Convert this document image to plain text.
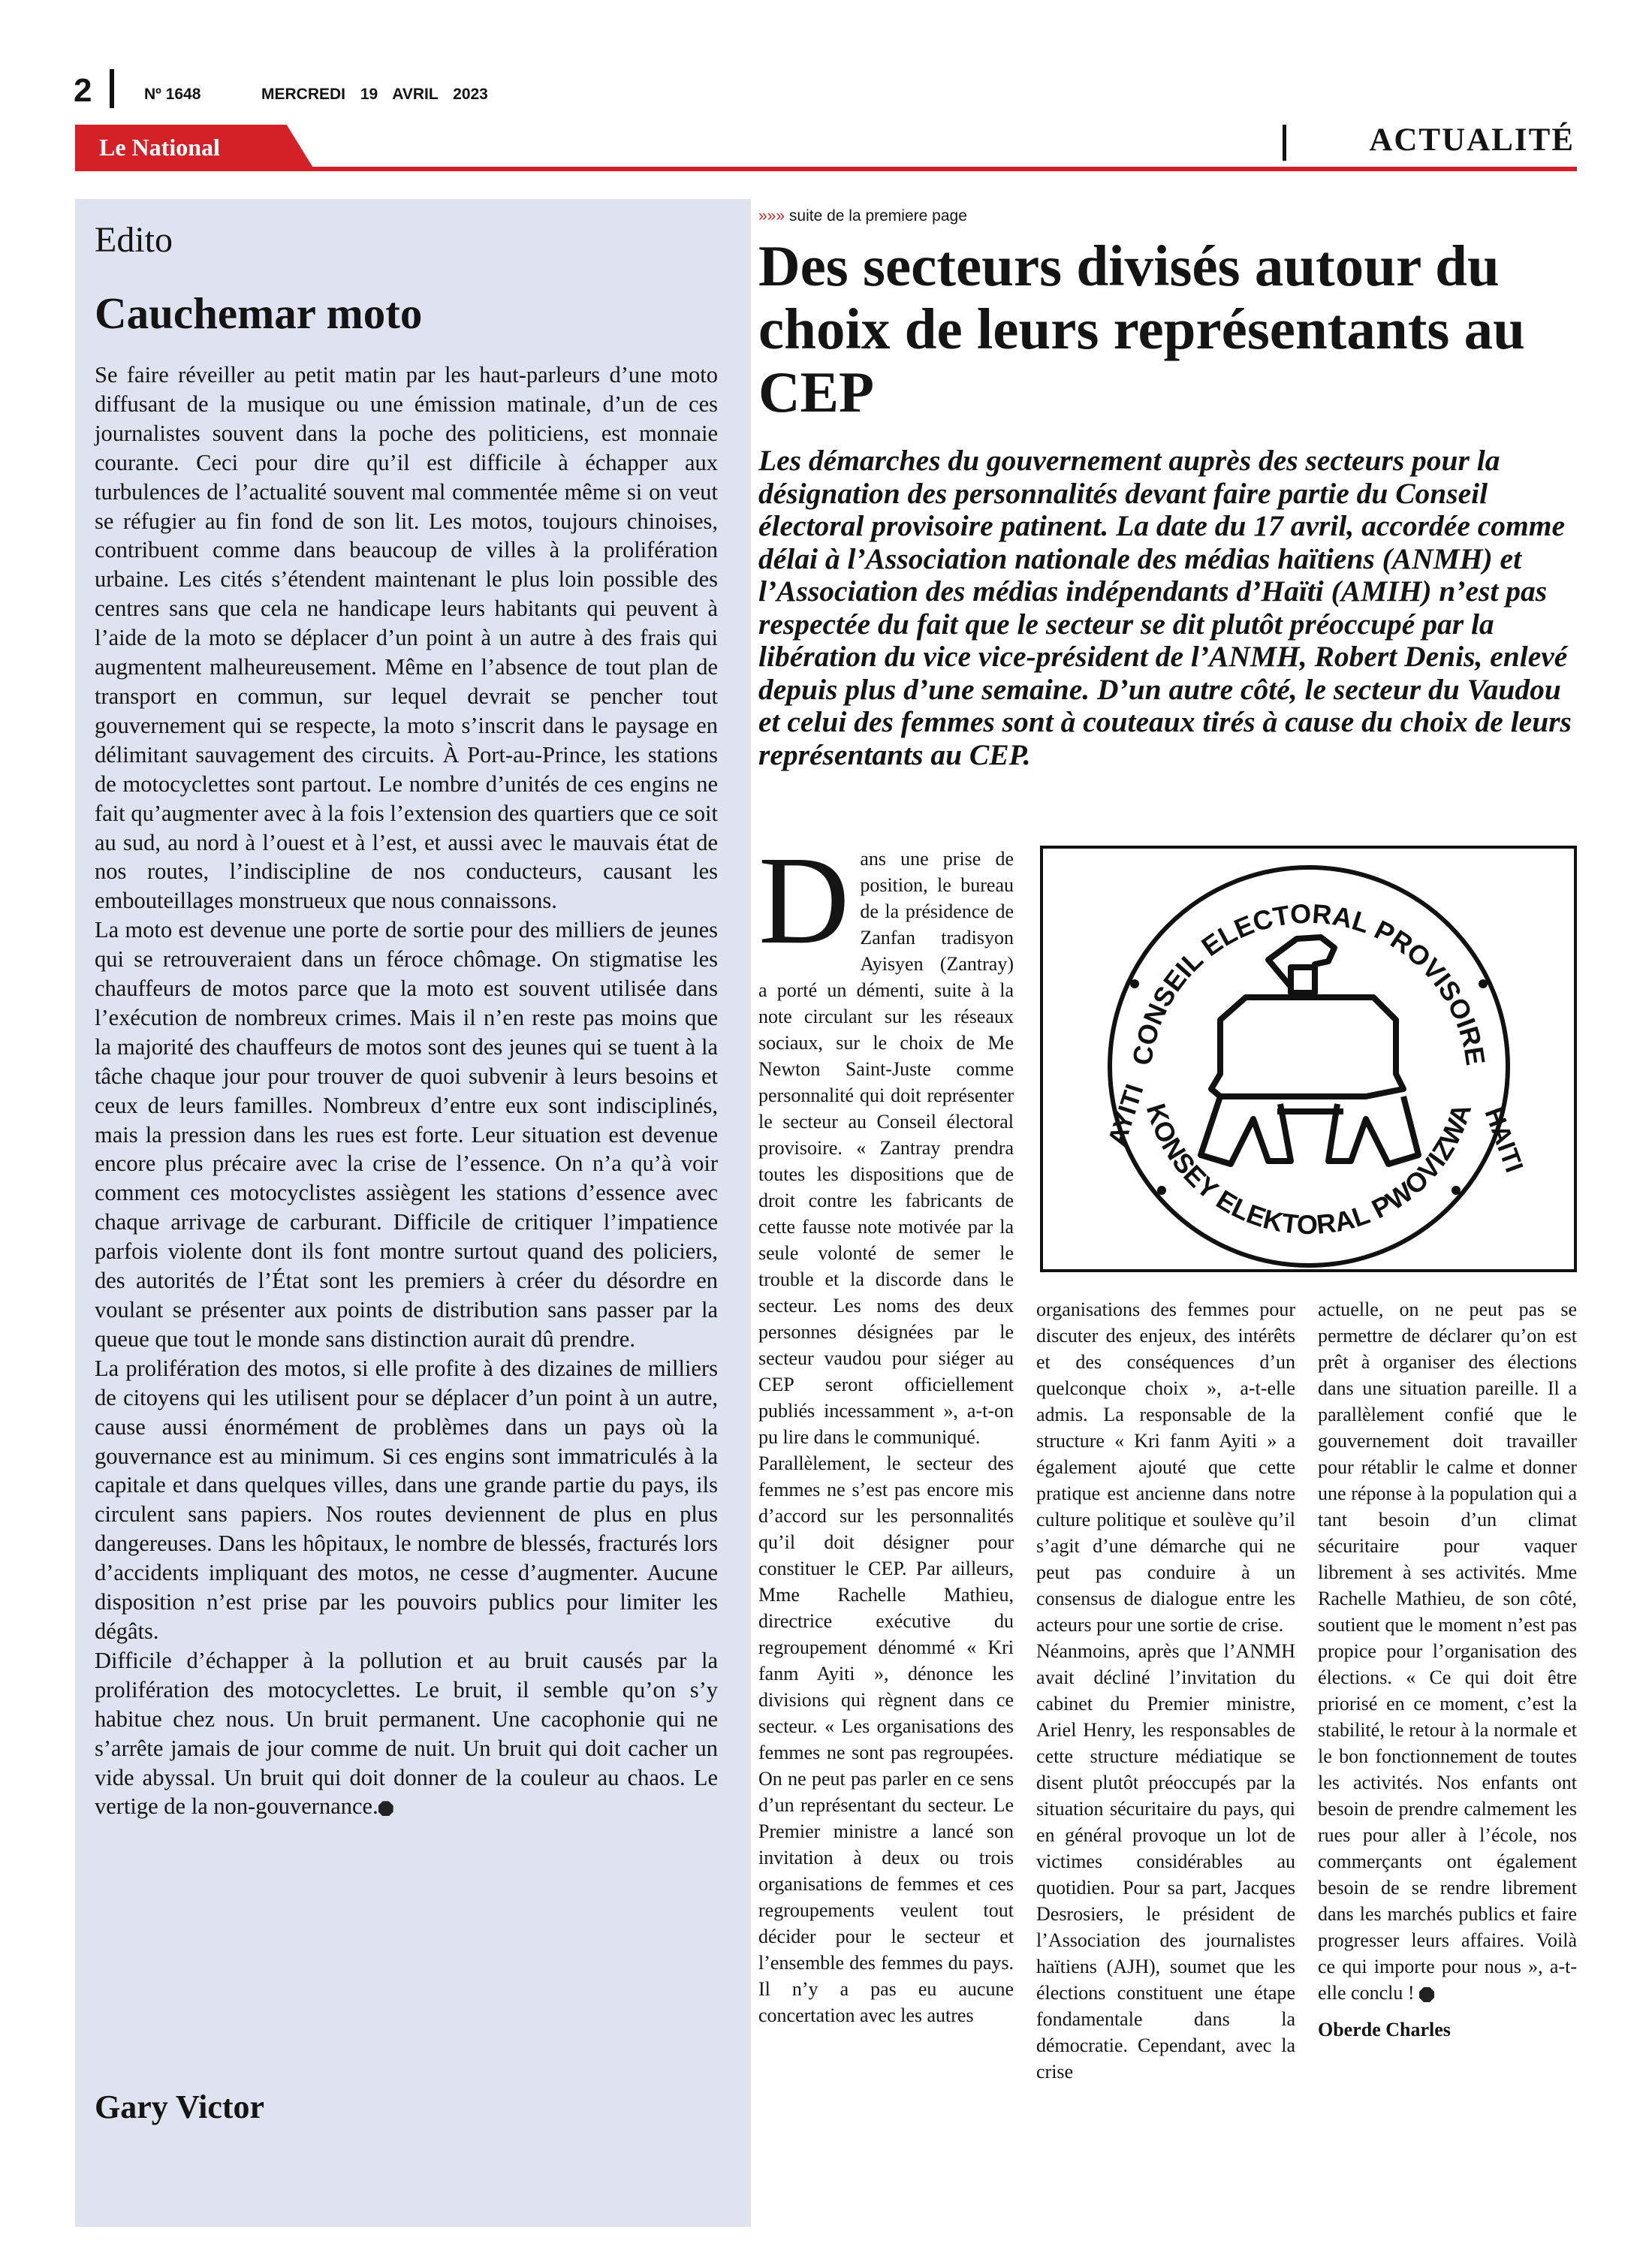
2	Nº 1648	MERCREDI 19 AVRIL 2023
Le National	ACTUALITÉ
Edito
Cauchemar moto

Se faire réveiller au petit matin par les haut-parleurs d’une moto diffusant de la musique ou une émission matinale, d’un de ces journalistes souvent dans la poche des politiciens, est monnaie courante. Ceci pour dire qu’il est difficile à échapper aux turbulences de l’actualité souvent mal commentée même si on veut se réfugier au fin fond de son lit. Les motos, toujours chinoises, contribuent comme dans beaucoup de villes à la prolifération urbaine. Les cités s’étendent maintenant le plus loin possible des centres sans que cela ne handicape leurs habitants qui peuvent à l’aide de la moto se déplacer d’un point à un autre à des frais qui augmentent malheureusement. Même en l’absence de tout plan de transport en commun, sur lequel devrait se pencher tout gouvernement qui se respecte, la moto s’inscrit dans le paysage en délimitant sauvagement des circuits. À Port-au-Prince, les stations de motocyclettes sont partout. Le nombre d’unités de ces engins ne fait qu’augmenter avec à la fois l’extension des quartiers que ce soit au sud, au nord à l’ouest et à l’est, et aussi avec le mauvais état de nos routes, l’indiscipline de nos conducteurs, causant les embouteillages monstrueux que nous connaissons.

La moto est devenue une porte de sortie pour des milliers de jeunes qui se retrouveraient dans un féroce chômage. On stigmatise les chauffeurs de motos parce que la moto est souvent utilisée dans l’exécution de nombreux crimes. Mais il n’en reste pas moins que la majorité des chauffeurs de motos sont des jeunes qui se tuent à la tâche chaque jour pour trouver de quoi subvenir à leurs besoins et ceux de leurs familles. Nombreux d’entre eux sont indisciplinés, mais la pression dans les rues est forte. Leur situation est devenue encore plus précaire avec la crise de l’essence. On n’a qu’à voir comment ces motocyclistes assiègent les stations d’essence avec chaque arrivage de carburant. Difficile de critiquer l’impatience parfois violente dont ils font montre surtout quand des policiers, des autorités de l’État sont les premiers à créer du désordre en voulant se présenter aux points de distribution sans passer par la queue que tout le monde sans distinction aurait dû prendre.

La prolifération des motos, si elle profite à des dizaines de milliers de citoyens qui les utilisent pour se déplacer d’un point à un autre, cause aussi énormément de problèmes dans un pays où la gouvernance est au minimum. Si ces engins sont immatriculés à la capitale et dans quelques villes, dans une grande partie du pays, ils circulent sans papiers. Nos routes deviennent de plus en plus dangereuses. Dans les hôpitaux, le nombre de blessés, fracturés lors d’accidents impliquant des motos, ne cesse d’augmenter. Aucune disposition n’est prise par les pouvoirs publics pour limiter les dégâts.

Difficile d’échapper à la pollution et au bruit causés par la prolifération des motocyclettes. Le bruit, il semble qu’on s’y habitue chez nous. Un bruit permanent. Une cacophonie qui ne s’arrête jamais de jour comme de nuit. Un bruit qui doit cacher un vide abyssal. Un bruit qui doit donner de la couleur au chaos. Le vertige de la non-gouvernance.

Gary Victor
»»» suite de la premiere page
Des secteurs divisés autour du choix de leurs représentants au CEP
Les démarches du gouvernement auprès des secteurs pour la désignation des personnalités devant faire partie du Conseil électoral provisoire patinent. La date du 17 avril, accordée comme délai à l’Association nationale des médias haïtiens (ANMH) et l’Association des médias indépendants d’Haïti (AMIH) n’est pas respectée du fait que le secteur se dit plutôt préoccupé par la libération du vice vice-président de l’ANMH, Robert Denis, enlevé depuis plus d’une semaine. D’un autre côté, le secteur du Vaudou et celui des femmes sont à couteaux tirés à cause du choix de leurs représentants au CEP.

Dans une prise de position, le bureau de la présidence de Zanfan tradisyon Ayisyen (Zantray) a porté un démenti, suite à la note circulant sur les réseaux sociaux, sur le choix de Me Newton Saint-Juste comme personnalité qui doit représenter le secteur au Conseil électoral provisoire. « Zantray prendra toutes les dispositions que de droit contre les fabricants de cette fausse note motivée par la seule volonté de semer le trouble et la discorde dans le secteur. Les noms des deux personnes désignées par le secteur vaudou pour siéger au CEP seront officiellement publiés incessamment », a-t-on pu lire dans le communiqué.

Parallèlement, le secteur des femmes ne s’est pas encore mis d’accord sur les personnalités qu’il doit désigner pour constituer le CEP. Par ailleurs, Mme Rachelle Mathieu, directrice exécutive du regroupement dénommé « Kri fanm Ayiti », dénonce les divisions qui règnent dans ce secteur. « Les organisations des femmes ne sont pas regroupées. On ne peut pas parler en ce sens d’un représentant du secteur. Le Premier ministre a lancé son invitation à deux ou trois organisations de femmes et ces regroupements veulent tout décider pour le secteur et l’ensemble des femmes du pays. Il n’y a pas eu aucune concertation avec les autres

CONSEIL ELECTORAL PROVISOIRE
KONSEY ELEKTORAL PWOVIZWA HAITI
AYITI

organisations des femmes pour discuter des enjeux, des intérêts et des conséquences d’un quelconque choix », a-t-elle admis. La responsable de la structure « Kri fanm Ayiti » a également ajouté que cette pratique est ancienne dans notre culture politique et soulève qu’il s’agit d’une démarche qui ne peut pas conduire à un consensus de dialogue entre les acteurs pour une sortie de crise.

Néanmoins, après que l’ANMH avait décliné l’invitation du cabinet du Premier ministre, Ariel Henry, les responsables de cette structure médiatique se disent plutôt préoccupés par la situation sécuritaire du pays, qui en général provoque un lot de victimes considérables au quotidien. Pour sa part, Jacques Desrosiers, le président de l’Association des journalistes haïtiens (AJH), soumet que les élections constituent une étape fondamentale dans la démocratie. Cependant, avec la crise

actuelle, on ne peut pas se permettre de déclarer qu’on est prêt à organiser des élections dans une situation pareille. Il a parallèlement confié que le gouvernement doit travailler pour rétablir le calme et donner une réponse à la population qui a tant besoin d’un climat sécuritaire pour vaquer librement à ses activités. Mme Rachelle Mathieu, de son côté, soutient que le moment n’est pas propice pour l’organisation des élections. « Ce qui doit être priorisé en ce moment, c’est la stabilité, le retour à la normale et le bon fonctionnement de toutes les activités. Nos enfants ont besoin de prendre calmement les rues pour aller à l’école, nos commerçants ont également besoin de se rendre librement dans les marchés publics et faire progresser leurs affaires. Voilà ce qui importe pour nous », a-t-elle conclu !

Oberde Charles
